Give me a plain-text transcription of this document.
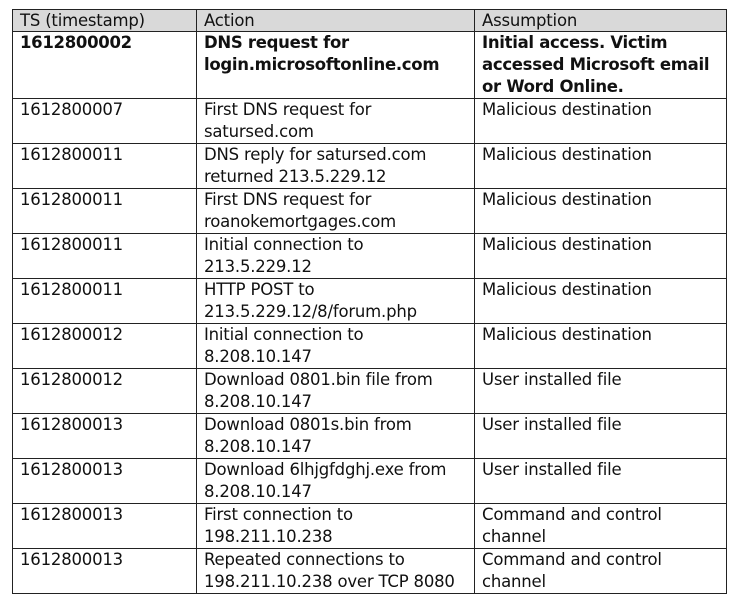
TS (timestamp)	Action	Assumption
1612800002	DNS request for login.microsoftonline.com	Initial access. Victim accessed Microsoft email or Word Online.
1612800007	First DNS request for satursed.com	Malicious destination
1612800011	DNS reply for satursed.com returned 213.5.229.12	Malicious destination
1612800011	First DNS request for roanokemortgages.com	Malicious destination
1612800011	Initial connection to 213.5.229.12	Malicious destination
1612800011	HTTP POST to 213.5.229.12/8/forum.php	Malicious destination
1612800012	Initial connection to 8.208.10.147	Malicious destination
1612800012	Download 0801.bin file from 8.208.10.147	User installed file
1612800013	Download 0801s.bin from 8.208.10.147	User installed file
1612800013	Download 6lhjgfdghj.exe from 8.208.10.147	User installed file
1612800013	First connection to 198.211.10.238	Command and control channel
1612800013	Repeated connections to 198.211.10.238 over TCP 8080	Command and control channel
